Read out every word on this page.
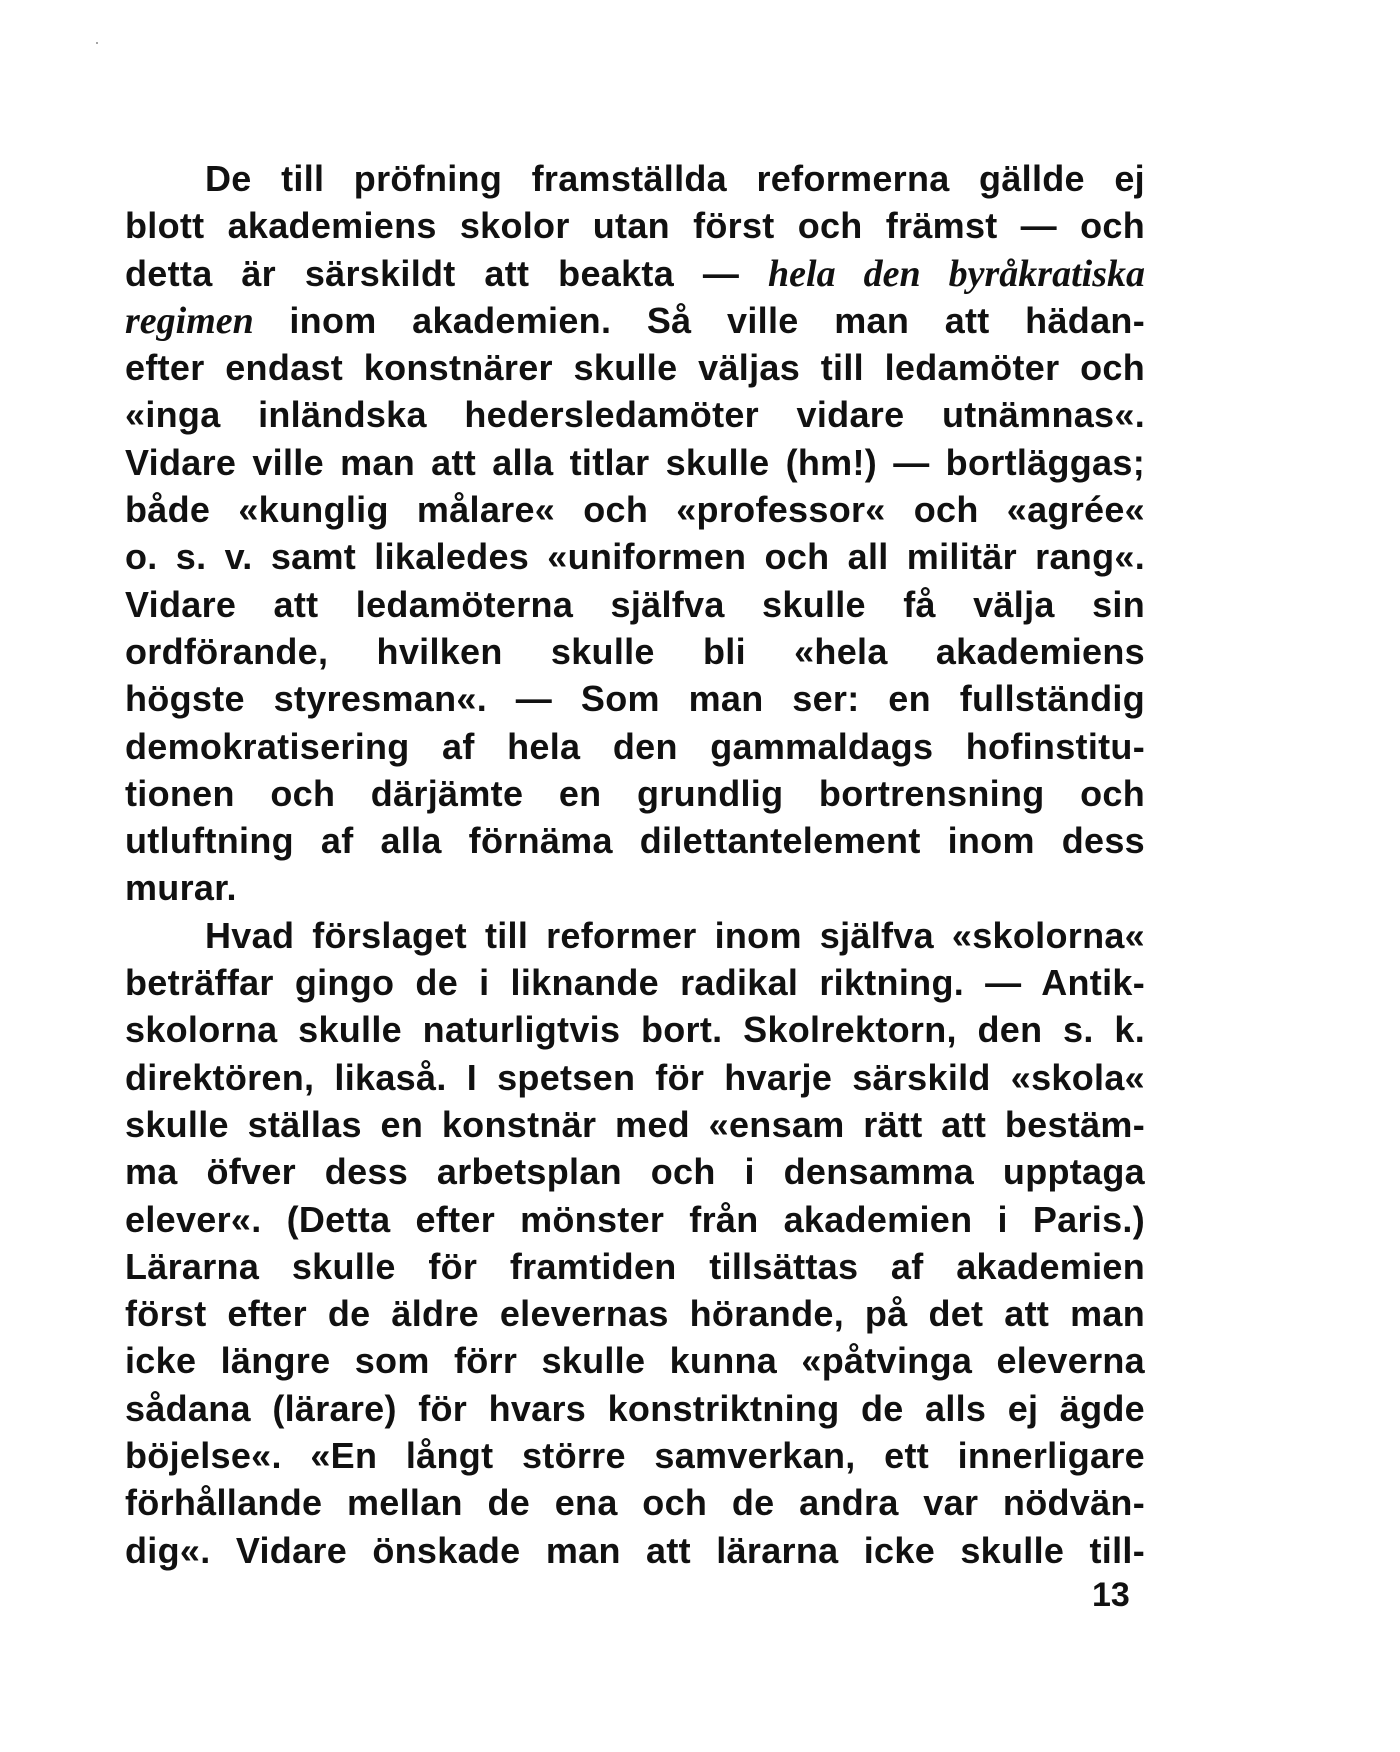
De till pröfning framställda reformerna gällde ej
blott akademiens skolor utan först och främst — och
detta är särskildt att beakta — hela den byråkratiska
regimen inom akademien. Så ville man att hädan-
efter endast konstnärer skulle väljas till ledamöter och
«inga inländska hedersledamöter vidare utnämnas«.
Vidare ville man att alla titlar skulle (hm!) — bortläggas;
både «kunglig målare« och «professor« och «agrée«
o. s. v. samt likaledes «uniformen och all militär rang«.
Vidare att ledamöterna själfva skulle få välja sin
ordförande, hvilken skulle bli «hela akademiens
högste styresman«. — Som man ser: en fullständig
demokratisering af hela den gammaldags hofinstitu-
tionen och därjämte en grundlig bortrensning och
utluftning af alla förnäma dilettantelement inom dess
murar.
Hvad förslaget till reformer inom själfva «skolorna«
beträffar gingo de i liknande radikal riktning. — Antik-
skolorna skulle naturligtvis bort. Skolrektorn, den s. k.
direktören, likaså. I spetsen för hvarje särskild «skola«
skulle ställas en konstnär med «ensam rätt att bestäm-
ma öfver dess arbetsplan och i densamma upptaga
elever«. (Detta efter mönster från akademien i Paris.)
Lärarna skulle för framtiden tillsättas af akademien
först efter de äldre elevernas hörande, på det att man
icke längre som förr skulle kunna «påtvinga eleverna
sådana (lärare) för hvars konstriktning de alls ej ägde
böjelse«. «En långt större samverkan, ett innerligare
förhållande mellan de ena och de andra var nödvän-
dig«. Vidare önskade man att lärarna icke skulle till-
13
